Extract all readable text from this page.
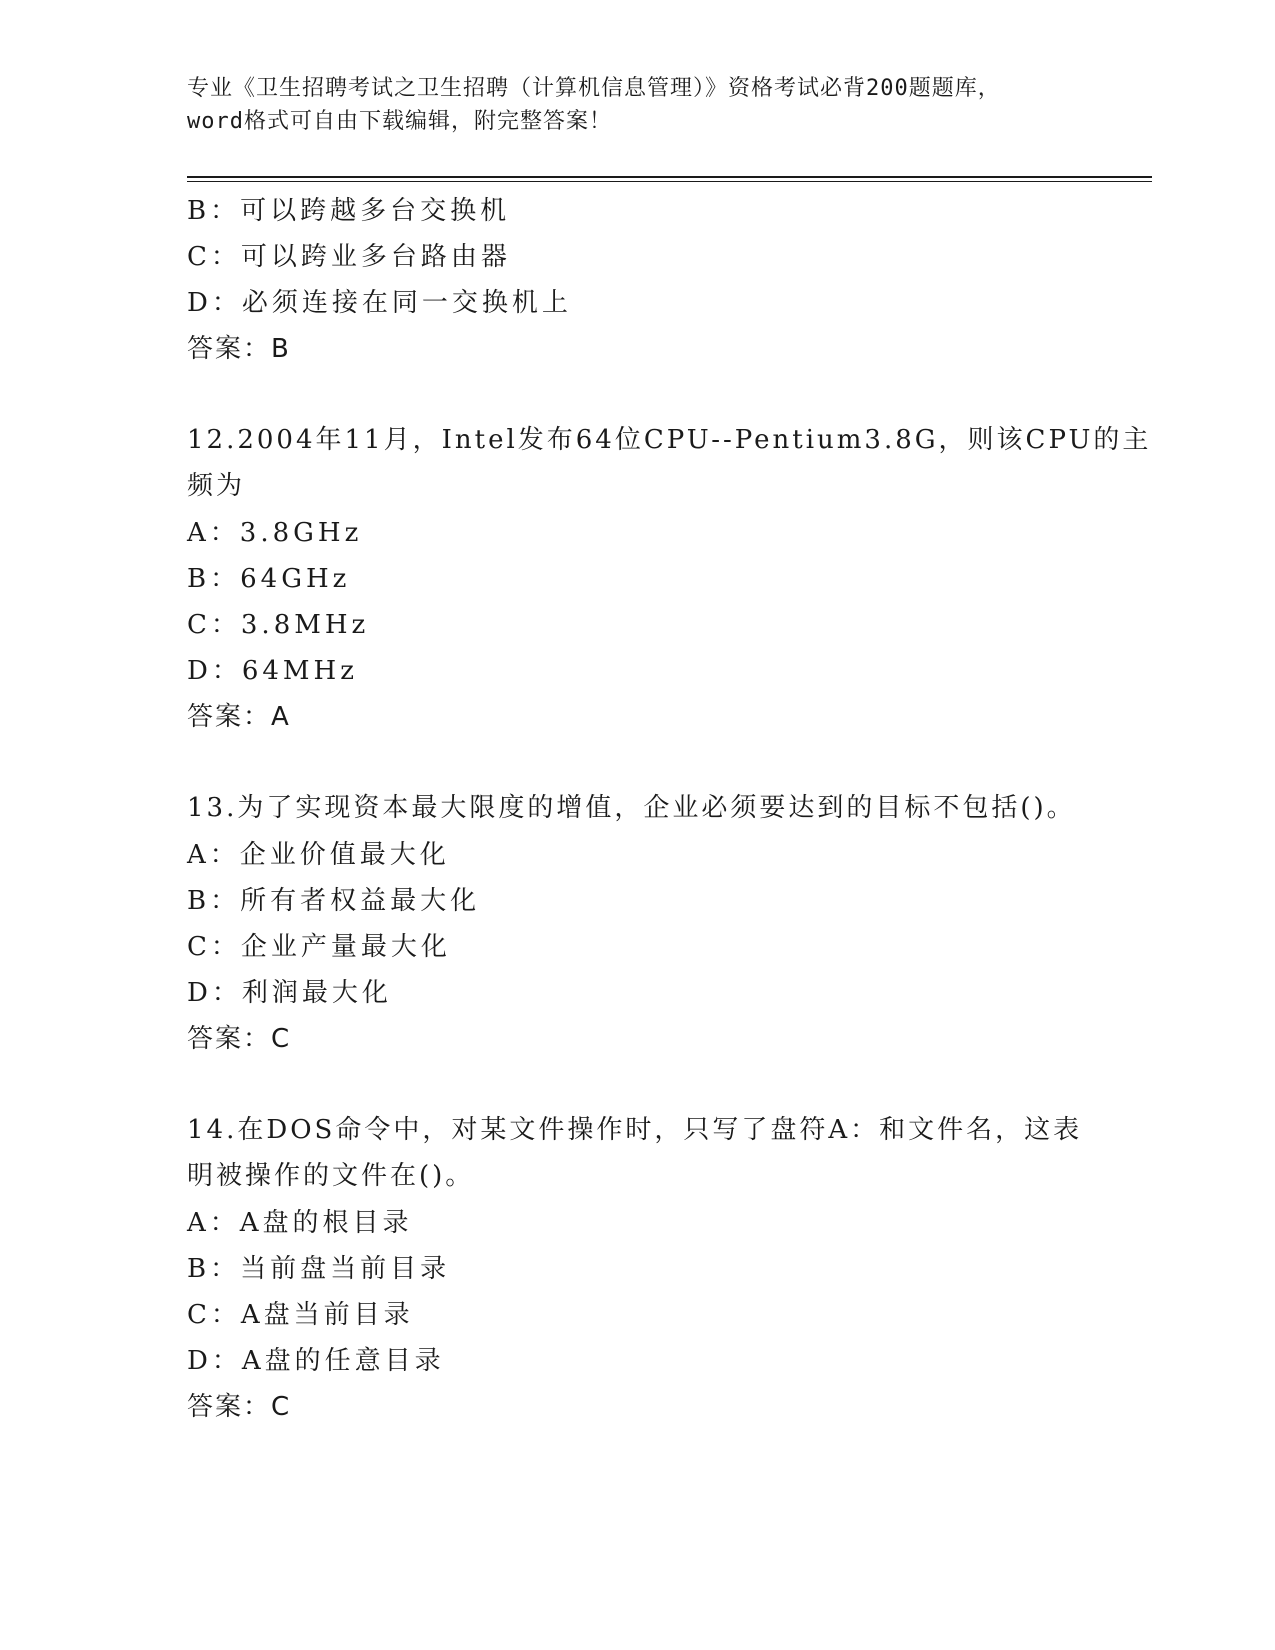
专业《卫生招聘考试之卫生招聘（计算机信息管理）》资格考试必背200题题库，
word格式可自由下载编辑，附完整答案！
B：可以跨越多台交换机
C：可以跨业多台路由器
D：必须连接在同一交换机上
答案：B
12.2004年11月，Intel发布64位CPU--Pentium3.8G，则该CPU的主
频为
A：3.8GHz
B：64GHz
C：3.8MHz
D：64MHz
答案：A
13.为了实现资本最大限度的增值，企业必须要达到的目标不包括()。
A：企业价值最大化
B：所有者权益最大化
C：企业产量最大化
D：利润最大化
答案：C
14.在DOS命令中，对某文件操作时，只写了盘符A：和文件名，这表
明被操作的文件在()。
A：A盘的根目录
B：当前盘当前目录
C：A盘当前目录
D：A盘的任意目录
答案：C
